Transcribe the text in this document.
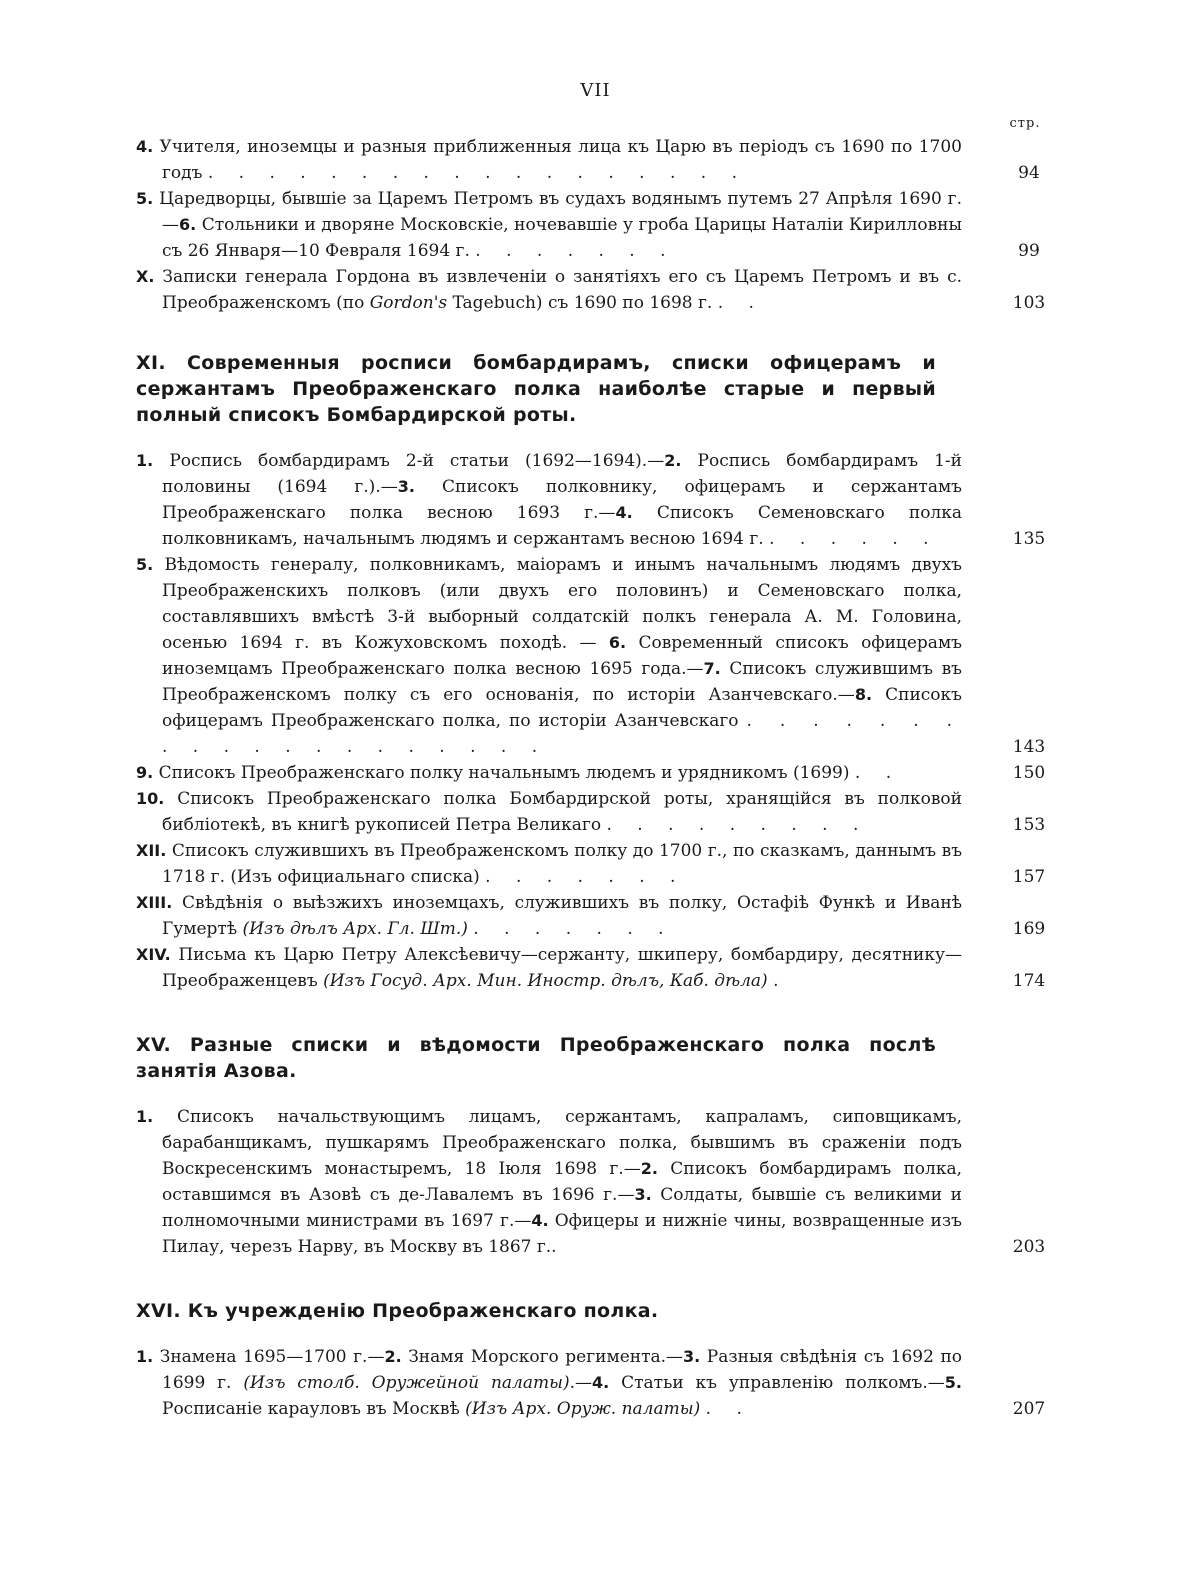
VII
стр.
4. Учителя, иноземцы и разныя приближенныя лица къ Царю въ періодъ съ 1690 по 1700 годъ . . . . . . . . . . . . . . . . . .	94
5. Царедворцы, бывшіе за Царемъ Петромъ въ судахъ водянымъ путемъ 27 Апрѣля 1690 г.—6. Стольники и дворяне Московскіе, ночевавшіе у гроба Царицы Наталіи Кирилловны съ 26 Января—10 Февраля 1694 г. . . . . . . .	99
X. Записки генерала Гордона въ извлеченіи о занятіяхъ его съ Царемъ Петромъ и въ с. Преображенскомъ (по Gordon's Tagebuch) съ 1690 по 1698 г. . .	103
XI. Современныя росписи бомбардирамъ, списки офицерамъ и сержантамъ Преображенскаго полка наиболѣе старые и первый полный списокъ Бомбардирской роты.
1. Роспись бомбардирамъ 2-й статьи (1692—1694).—2. Роспись бомбардирамъ 1-й половины (1694 г.).—3. Списокъ полковнику, офицерамъ и сержантамъ Преображенскаго полка весною 1693 г.—4. Списокъ Семеновскаго полка полковникамъ, начальнымъ людямъ и сержантамъ весною 1694 г. . . . . . .	135
5. Вѣдомость генералу, полковникамъ, маіорамъ и инымъ начальнымъ людямъ двухъ Преображенскихъ полковъ (или двухъ его половинъ) и Семеновскаго полка, составлявшихъ вмѣстѣ 3-й выборный солдатскій полкъ генерала А. М. Головина, осенью 1694 г. въ Кожуховскомъ походѣ. — 6. Современный списокъ офицерамъ иноземцамъ Преображенскаго полка весною 1695 года.—7. Списокъ служившимъ въ Преображенскомъ полку съ его основанія, по исторіи Азанчевскаго.—8. Списокъ офицерамъ Преображенскаго полка, по исторіи Азанчевскаго . . . . . . . . . . . . . . . . . . . .	143
9. Списокъ Преображенскаго полку начальнымъ людемъ и урядникомъ (1699) . .	150
10. Списокъ Преображенскаго полка Бомбардирской роты, хранящійся въ полковой библіотекѣ, въ книгѣ рукописей Петра Великаго . . . . . . . . .	153
XII. Списокъ служившихъ въ Преображенскомъ полку до 1700 г., по сказкамъ, даннымъ въ 1718 г. (Изъ официальнаго списка) . . . . . . .	157
XIII. Свѣдѣнія о выѣзжихъ иноземцахъ, служившихъ въ полку, Остафіѣ Функѣ и Иванѣ Гумертѣ (Изъ дѣлъ Арх. Гл. Шт.) . . . . . . .	169
XIV. Письма къ Царю Петру Алексѣевичу—сержанту, шкиперу, бомбардиру, десятнику—Преображенцевъ (Изъ Госуд. Арх. Мин. Иностр. дѣлъ, Каб. дѣла) .	174
XV. Разные списки и вѣдомости Преображенскаго полка послѣ занятія Азова.
1. Списокъ начальствующимъ лицамъ, сержантамъ, капраламъ, сиповщикамъ, барабанщикамъ, пушкарямъ Преображенскаго полка, бывшимъ въ сраженіи подъ Воскресенскимъ монастыремъ, 18 Іюля 1698 г.—2. Списокъ бомбардирамъ полка, оставшимся въ Азовѣ съ де-Лавалемъ въ 1696 г.—3. Солдаты, бывшіе съ великими и полномочными министрами въ 1697 г.—4. Офицеры и нижніе чины, возвращенные изъ Пилау, черезъ Нарву, въ Москву въ 1867 г..	203
XVI. Къ учрежденію Преображенскаго полка.
1. Знамена 1695—1700 г.—2. Знамя Морского регимента.—3. Разныя свѣдѣнія съ 1692 по 1699 г. (Изъ столб. Оружейной палаты).—4. Статьи къ управленію полкомъ.—5. Росписаніе карауловъ въ Москвѣ (Изъ Арх. Оруж. палаты) . .	207
